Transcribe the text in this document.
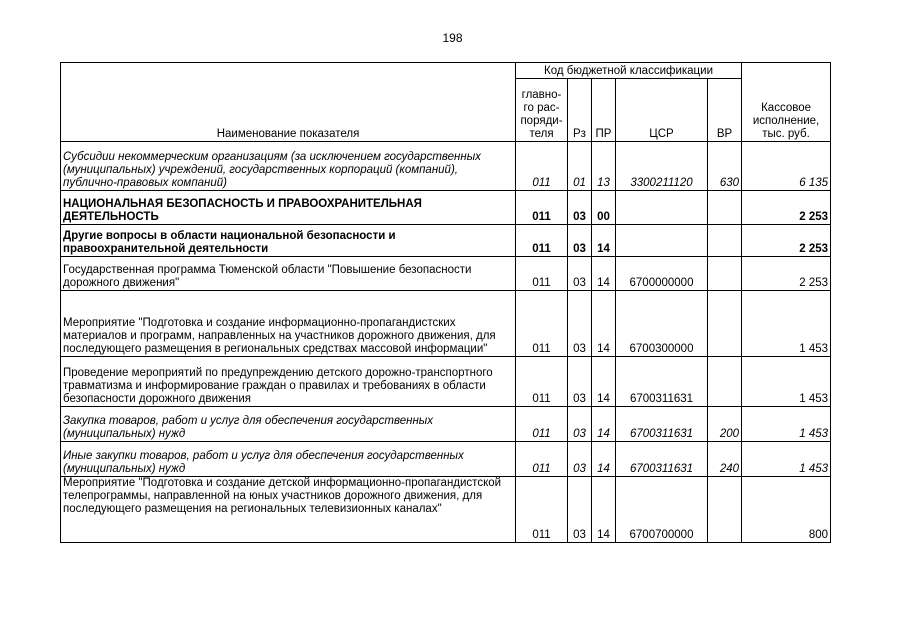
198
Наименование показателя	Код бюджетной классификации					Кассовое исполнение, тыс. руб.
	главно-го рас-поряди-теля	Рз	ПР	ЦСР	ВР	
Субсидии некоммерческим организациям (за исключением государственных (муниципальных) учреждений, государственных корпораций (компаний), публично-правовых компаний)	011	01	13	3300211120	630	6 135
НАЦИОНАЛЬНАЯ БЕЗОПАСНОСТЬ И ПРАВООХРАНИТЕЛЬНАЯ ДЕЯТЕЛЬНОСТЬ	011	03	00			2 253
Другие вопросы в области национальной безопасности и правоохранительной деятельности	011	03	14			2 253
Государственная программа Тюменской области "Повышение безопасности дорожного движения"	011	03	14	6700000000		2 253
Мероприятие "Подготовка и создание информационно-пропагандистских материалов и программ, направленных на участников дорожного движения, для последующего размещения в региональных средствах массовой информации"	011	03	14	6700300000		1 453
Проведение мероприятий по предупреждению детского дорожно-транспортного травматизма и информирование граждан о правилах и требованиях в области безопасности дорожного движения	011	03	14	6700311631		1 453
Закупка товаров, работ и услуг для обеспечения государственных (муниципальных) нужд	011	03	14	6700311631	200	1 453
Иные закупки товаров, работ и услуг для обеспечения государственных (муниципальных) нужд	011	03	14	6700311631	240	1 453
Мероприятие "Подготовка и создание детской информационно-пропагандистской телепрограммы, направленной на юных участников дорожного движения, для последующего размещения на региональных телевизионных каналах"	011	03	14	6700700000		800
